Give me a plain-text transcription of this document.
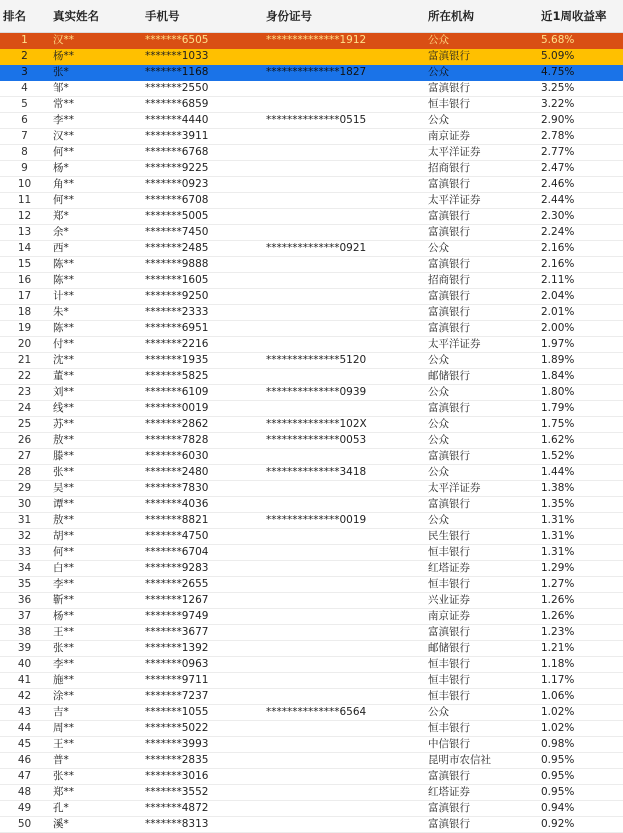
排名	真实姓名	手机号	身份证号	所在机构	近1周收益率
1	汉**	*******6505	**************1912	公众	5.68%
2	杨**	*******1033		富滇银行	5.09%
3	张*	*******1168	**************1827	公众	4.75%
4	邹*	*******2550		富滇银行	3.25%
5	常**	*******6859		恒丰银行	3.22%
6	李**	*******4440	**************0515	公众	2.90%
7	汉**	*******3911		南京证券	2.78%
8	何**	*******6768		太平洋证券	2.77%
9	杨*	*******9225		招商银行	2.47%
10	角**	*******0923		富滇银行	2.46%
11	何**	*******6708		太平洋证券	2.44%
12	郑*	*******5005		富滇银行	2.30%
13	余*	*******7450		富滇银行	2.24%
14	西*	*******2485	**************0921	公众	2.16%
15	陈**	*******9888		富滇银行	2.16%
16	陈**	*******1605		招商银行	2.11%
17	计**	*******9250		富滇银行	2.04%
18	朱*	*******2333		富滇银行	2.01%
19	陈**	*******6951		富滇银行	2.00%
20	付**	*******2216		太平洋证券	1.97%
21	沈**	*******1935	**************5120	公众	1.89%
22	董**	*******5825		邮储银行	1.84%
23	刘**	*******6109	**************0939	公众	1.80%
24	线**	*******0019		富滇银行	1.79%
25	苏**	*******2862	**************102X	公众	1.75%
26	敖**	*******7828	**************0053	公众	1.62%
27	滕**	*******6030		富滇银行	1.52%
28	张**	*******2480	**************3418	公众	1.44%
29	吴**	*******7830		太平洋证券	1.38%
30	谭**	*******4036		富滇银行	1.35%
31	敖**	*******8821	**************0019	公众	1.31%
32	胡**	*******4750		民生银行	1.31%
33	何**	*******6704		恒丰银行	1.31%
34	白**	*******9283		红塔证券	1.29%
35	李**	*******2655		恒丰银行	1.27%
36	靳**	*******1267		兴业证券	1.26%
37	杨**	*******9749		南京证券	1.26%
38	王**	*******3677		富滇银行	1.23%
39	张**	*******1392		邮储银行	1.21%
40	李**	*******0963		恒丰银行	1.18%
41	施**	*******9711		恒丰银行	1.17%
42	涂**	*******7237		恒丰银行	1.06%
43	吉*	*******1055	**************6564	公众	1.02%
44	周**	*******5022		恒丰银行	1.02%
45	王**	*******3993		中信银行	0.98%
46	普*	*******2835		昆明市农信社	0.95%
47	张**	*******3016		富滇银行	0.95%
48	郑**	*******3552		红塔证券	0.95%
49	孔*	*******4872		富滇银行	0.94%
50	溪*	*******8313		富滇银行	0.92%
